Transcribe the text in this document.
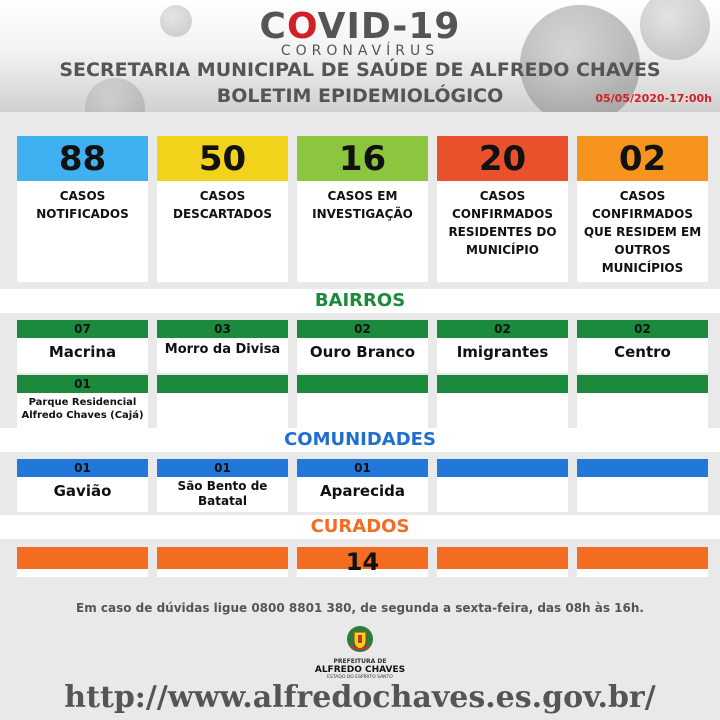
COVID-19
CORONAVÍRUS
SECRETARIA MUNICIPAL DE SAÚDE DE ALFREDO CHAVES
BOLETIM EPIDEMIOLÓGICO	05/05/2020-17:00h
88
CASOS NOTIFICADOS
50
CASOS DESCARTADOS
16
CASOS EM INVESTIGAÇÃO
20
CASOS CONFIRMADOS RESIDENTES DO MUNICÍPIO
02
CASOS CONFIRMADOS QUE RESIDEM EM OUTROS MUNICÍPIOS
BAIRROS
07
Macrina
03
Morro da Divisa
02
Ouro Branco
02
Imigrantes
02
Centro
01
Parque Residencial Alfredo Chaves (Cajá)
COMUNIDADES
01
Gavião
01
São Bento de Batatal
01
Aparecida
CURADOS
14
Em caso de dúvidas ligue 0800 8801 380, de segunda a sexta-feira, das 08h às 16h.
PREFEITURA DE
ALFREDO CHAVES
ESTADO DO ESPÍRITO SANTO
http://www.alfredochaves.es.gov.br/
